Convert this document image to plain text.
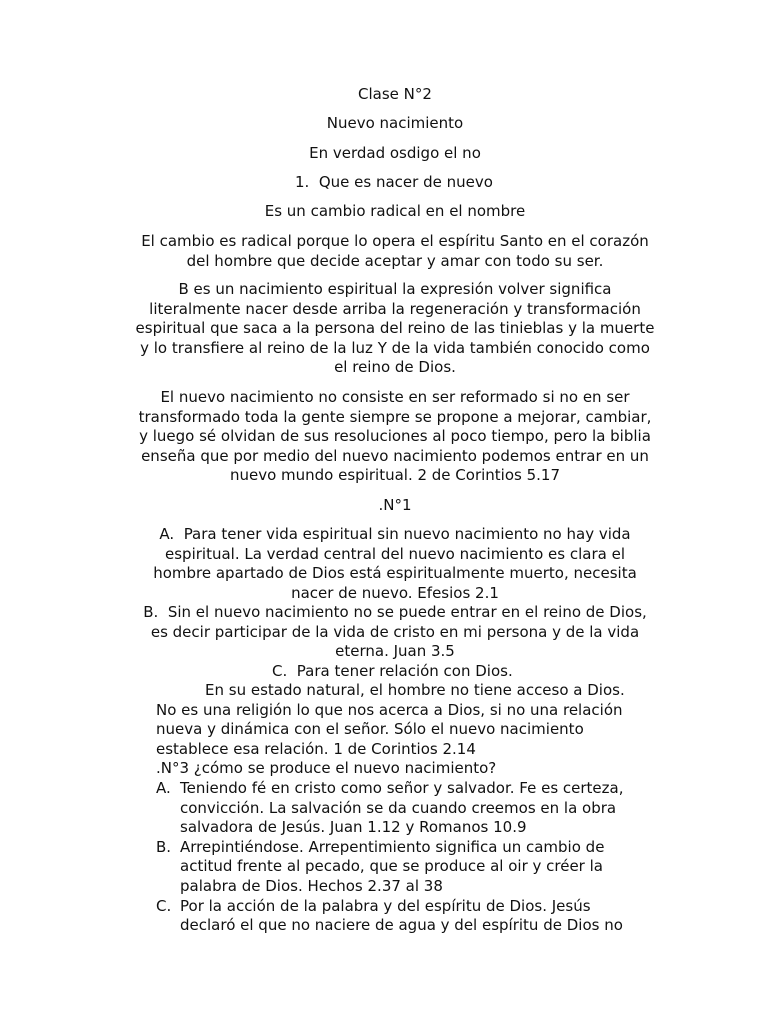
Clase N°2

Nuevo nacimiento

En verdad osdigo el no

1. Que es nacer de nuevo

Es un cambio radical en el nombre

El cambio es radical porque lo opera el espíritu Santo en el corazón del hombre que decide aceptar y amar con todo su ser.

B es un nacimiento espiritual la expresión volver significa literalmente nacer desde arriba la regeneración y transformación espiritual que saca a la persona del reino de las tinieblas y la muerte y lo transfiere al reino de la luz Y de la vida también conocido como el reino de Dios.

El nuevo nacimiento no consiste en ser reformado si no en ser transformado toda la gente siempre se propone a mejorar, cambiar, y luego sé olvidan de sus resoluciones al poco tiempo, pero la biblia enseña que por medio del nuevo nacimiento podemos entrar en un nuevo mundo espiritual. 2 de Corintios 5.17

.N°1

A. Para tener vida espiritual sin nuevo nacimiento no hay vida espiritual. La verdad central del nuevo nacimiento es clara el hombre apartado de Dios está espiritualmente muerto, necesita nacer de nuevo. Efesios 2.1
B. Sin el nuevo nacimiento no se puede entrar en el reino de Dios, es decir participar de la vida de cristo en mi persona y de la vida eterna. Juan 3.5

C. Para tener relación con Dios.

En su estado natural, el hombre no tiene acceso a Dios.

No es una religión lo que nos acerca a Dios, si no una relación

nueva y dinámica con el señor. Sólo el nuevo nacimiento

establece esa relación. 1 de Corintios 2.14

.N°3 ¿cómo se produce el nuevo nacimiento?

A. Teniendo fé en cristo como señor y salvador. Fe es certeza, convicción. La salvación se da cuando creemos en la obra salvadora de Jesús. Juan 1.12 y Romanos 10.9

B. Arrepintiéndose. Arrepentimiento significa un cambio de actitud frente al pecado, que se produce al oir y créer la palabra de Dios. Hechos 2.37 al 38

C. Por la acción de la palabra y del espíritu de Dios. Jesús declaró el que no naciere de agua y del espíritu de Dios no
